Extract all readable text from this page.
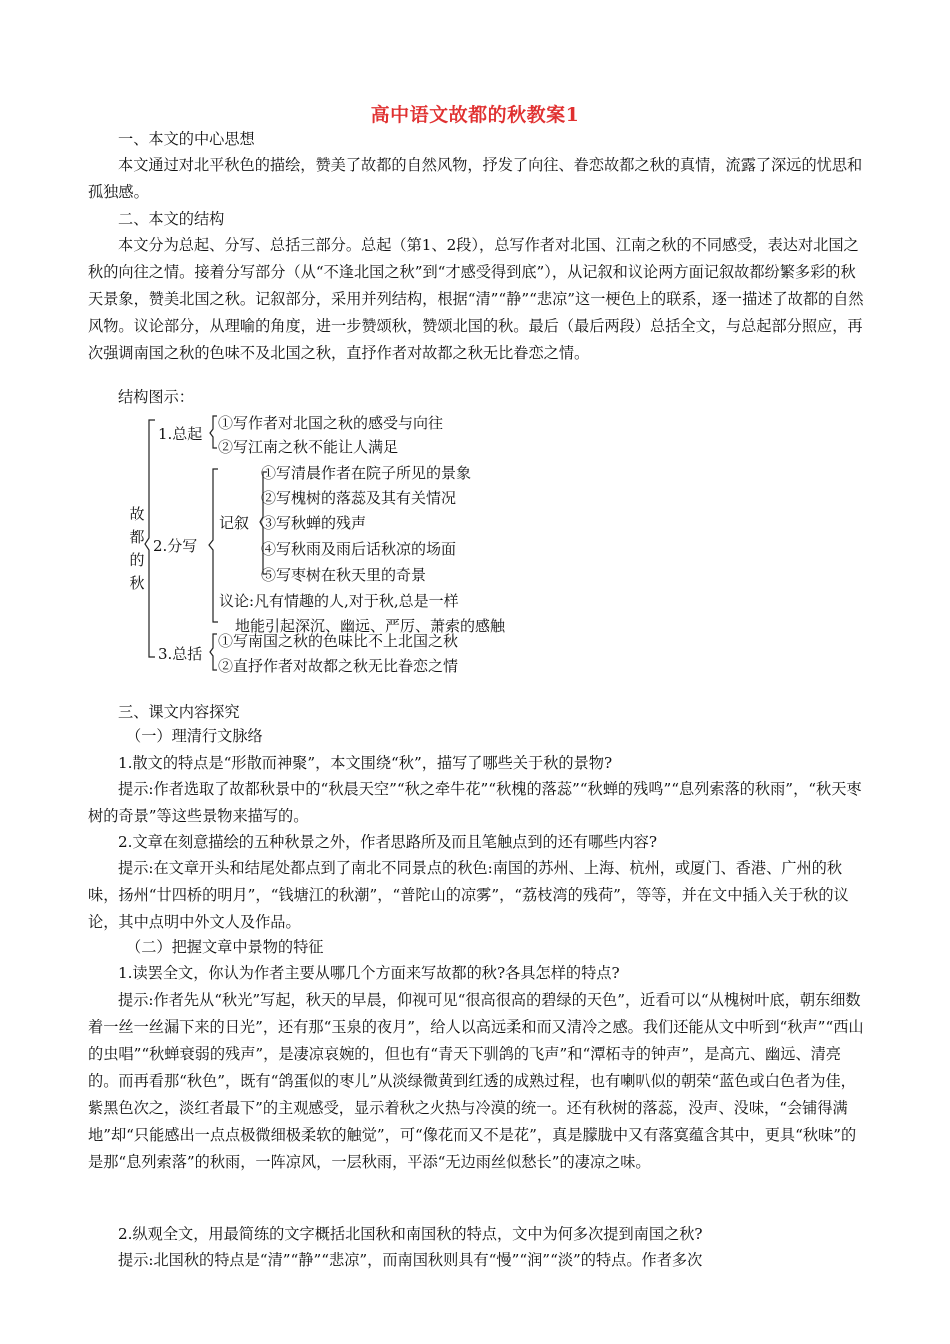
高中语文故都的秋教案1

一、本文的中心思想

本文通过对北平秋色的描绘，赞美了故都的自然风物，抒发了向往、眷恋故都之秋的真情，流露了深远的忧思和孤独感。

二、本文的结构

本文分为总起、分写、总括三部分。总起（第1、2段），总写作者对北国、江南之秋的不同感受，表达对北国之秋的向往之情。接着分写部分（从“不逢北国之秋”到“才感受得到底”），从记叙和议论两方面记叙故都纷繁多彩的秋天景象，赞美北国之秋。记叙部分，采用并列结构，根据“清”“静”“悲凉”这一梗色上的联系，逐一描述了故都的自然风物。议论部分，从理喻的角度，进一步赞颂秋，赞颂北国的秋。最后（最后两段）总括全文，与总起部分照应，再次强调南国之秋的色味不及北国之秋，直抒作者对故都之秋无比眷恋之情。

结构图示：

故
都
的
秋
1.总起
①写作者对北国之秋的感受与向往
②写江南之秋不能让人满足
2.分写
记叙
①写清晨作者在院子所见的景象
②写槐树的落蕊及其有关情况
③写秋蝉的残声
④写秋雨及雨后话秋凉的场面
⑤写枣树在秋天里的奇景
议论:凡有情趣的人,对于秋,总是一样
地能引起深沉、幽远、严厉、萧索的感触
3.总括
①写南国之秋的色味比不上北国之秋
②直抒作者对故都之秋无比眷恋之情

三、课文内容探究

（一）理清行文脉络

1.散文的特点是“形散而神聚”，本文围绕“秋”，描写了哪些关于秋的景物?

提示:作者选取了故都秋景中的“秋晨天空”“秋之牵牛花”“秋槐的落蕊”“秋蝉的残鸣”“息列索落的秋雨”，“秋天枣树的奇景”等这些景物来描写的。

2.文章在刻意描绘的五种秋景之外，作者思路所及而且笔触点到的还有哪些内容?

提示:在文章开头和结尾处都点到了南北不同景点的秋色:南国的苏州、上海、杭州，或厦门、香港、广州的秋味，扬州“廿四桥的明月”，“钱塘江的秋潮”，“普陀山的凉雾”，“荔枝湾的残荷”，等等，并在文中插入关于秋的议论，其中点明中外文人及作品。

（二）把握文章中景物的特征

1.读罢全文，你认为作者主要从哪几个方面来写故都的秋?各具怎样的特点?

提示:作者先从“秋光”写起，秋天的早晨，仰视可见“很高很高的碧绿的天色”，近看可以“从槐树叶底，朝东细数着一丝一丝漏下来的日光”，还有那“玉泉的夜月”，给人以高远柔和而又清冷之感。我们还能从文中听到“秋声”“西山的虫唱”“秋蝉衰弱的残声”，是凄凉哀婉的，但也有“青天下驯鸽的飞声”和“潭柘寺的钟声”，是高亢、幽远、清亮的。而再看那“秋色”，既有“鸽蛋似的枣儿”从淡绿微黄到红透的成熟过程，也有喇叭似的朝荣“蓝色或白色者为佳，紫黑色次之，淡红者最下”的主观感受，显示着秋之火热与冷漠的统一。还有秋树的落蕊，没声、没味，“会铺得满地”却“只能感出一点点极微细极柔软的触觉”，可“像花而又不是花”，真是朦胧中又有落寞蕴含其中，更具“秋味”的是那“息列索落”的秋雨，一阵凉风，一层秋雨，平添“无边雨丝似愁长”的凄凉之味。

2.纵观全文，用最简练的文字概括北国秋和南国秋的特点，文中为何多次提到南国之秋?

提示:北国秋的特点是“清”“静”“悲凉”，而南国秋则具有“慢”“润”“淡”的特点。作者多次
